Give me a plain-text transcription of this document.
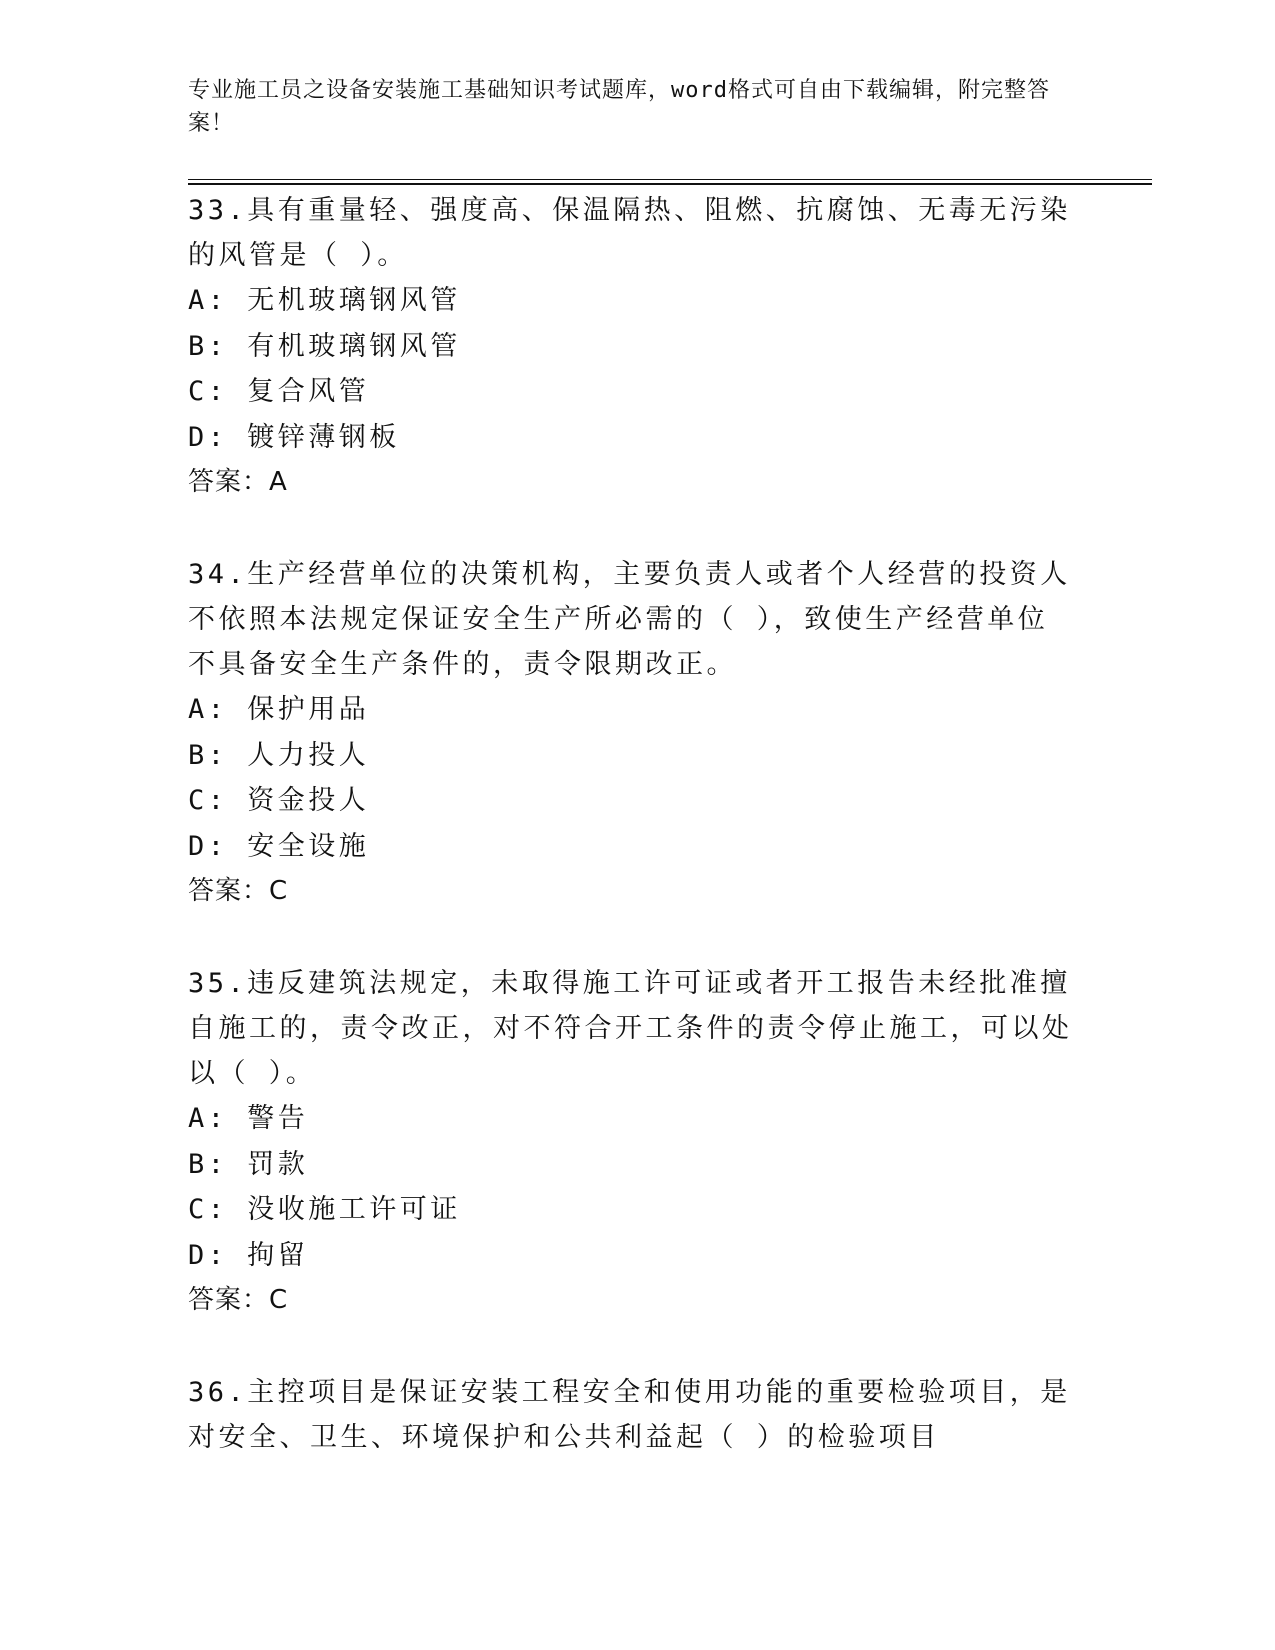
专业施工员之设备安装施工基础知识考试题库，word格式可自由下载编辑，附完整答案！

33.具有重量轻、强度高、保温隔热、阻燃、抗腐蚀、无毒无污染的风管是（ ）。

A: 无机玻璃钢风管

B: 有机玻璃钢风管

C: 复合风管

D: 镀锌薄钢板

答案：A

34.生产经营单位的决策机构，主要负责人或者个人经营的投资人不依照本法规定保证安全生产所必需的（ ），致使生产经营单位不具备安全生产条件的，责令限期改正。

A: 保护用品

B: 人力投人

C: 资金投人

D: 安全设施

答案：C

35.违反建筑法规定，未取得施工许可证或者开工报告未经批准擅自施工的，责令改正，对不符合开工条件的责令停止施工，可以处以（ ）。

A: 警告

B: 罚款

C: 没收施工许可证

D: 拘留

答案：C

36.主控项目是保证安装工程安全和使用功能的重要检验项目，是对安全、卫生、环境保护和公共利益起（ ）的检验项目
